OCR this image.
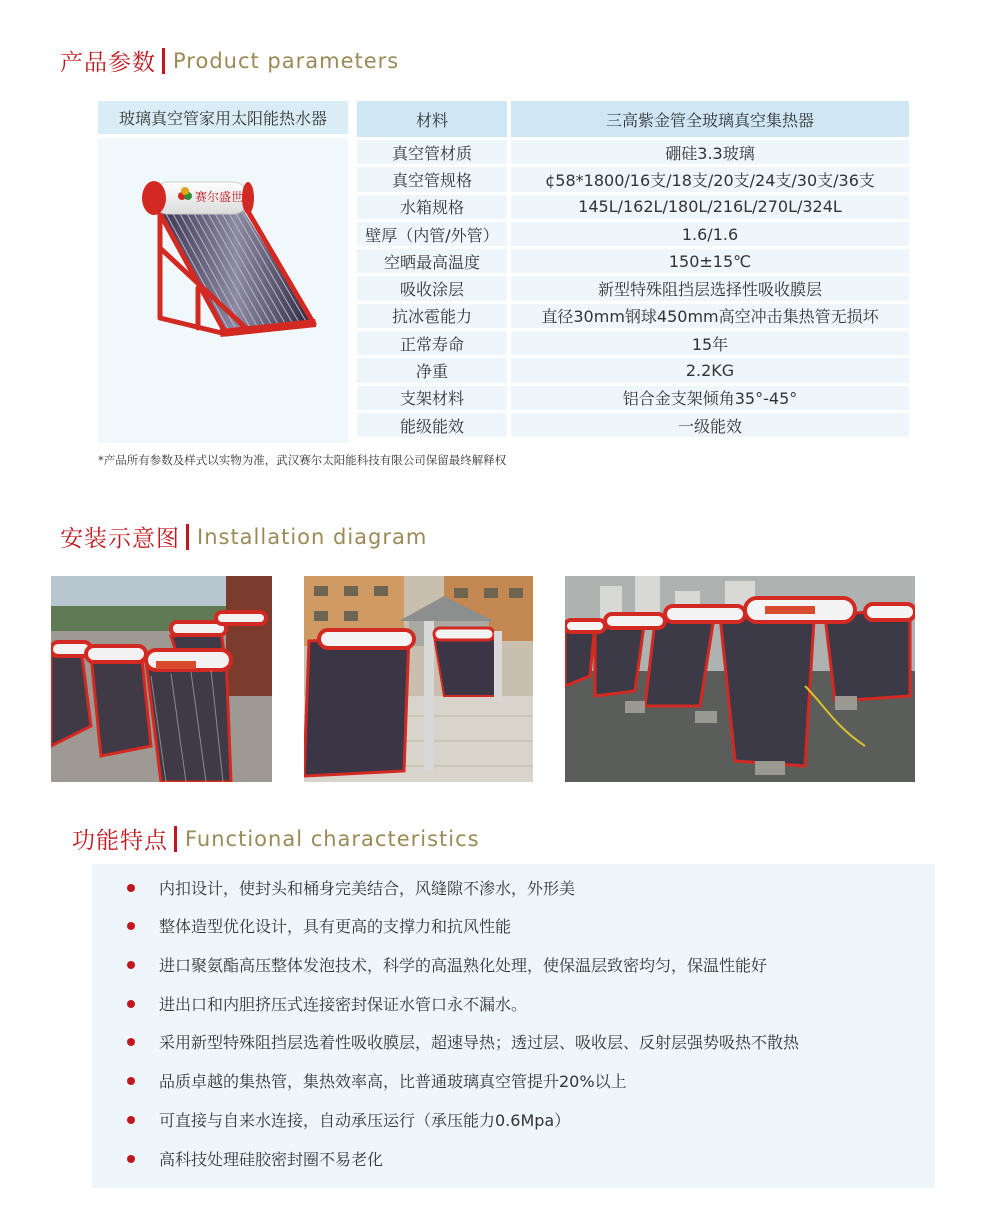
产品参数 Product parameters
玻璃真空管家用太阳能热水器
赛尔盛世
材料	三高紫金管全玻璃真空集热器
真空管材质	硼硅3.3玻璃
真空管规格	¢58*1800/16支/18支/20支/24支/30支/36支
水箱规格	145L/162L/180L/216L/270L/324L
壁厚（内管/外管）	1.6/1.6
空晒最高温度	150±15℃
吸收涂层	新型特殊阻挡层选择性吸收膜层
抗冰雹能力	直径30mm钢球450mm高空冲击集热管无损坏
正常寿命	15年
净重	2.2KG
支架材料	铝合金支架倾角35°-45°
能级能效	一级能效
*产品所有参数及样式以实物为准，武汉赛尔太阳能科技有限公司保留最终解释权
安装示意图 Installation diagram
功能特点 Functional characteristics
内扣设计，使封头和桶身完美结合，风缝隙不渗水，外形美
整体造型优化设计，具有更高的支撑力和抗风性能
进口聚氨酯高压整体发泡技术，科学的高温熟化处理，使保温层致密均匀，保温性能好
进出口和内胆挤压式连接密封保证水管口永不漏水。
采用新型特殊阻挡层选着性吸收膜层，超速导热；透过层、吸收层、反射层强势吸热不散热
品质卓越的集热管，集热效率高，比普通玻璃真空管提升20%以上
可直接与自来水连接，自动承压运行（承压能力0.6Mpa）
高科技处理硅胶密封圈不易老化
